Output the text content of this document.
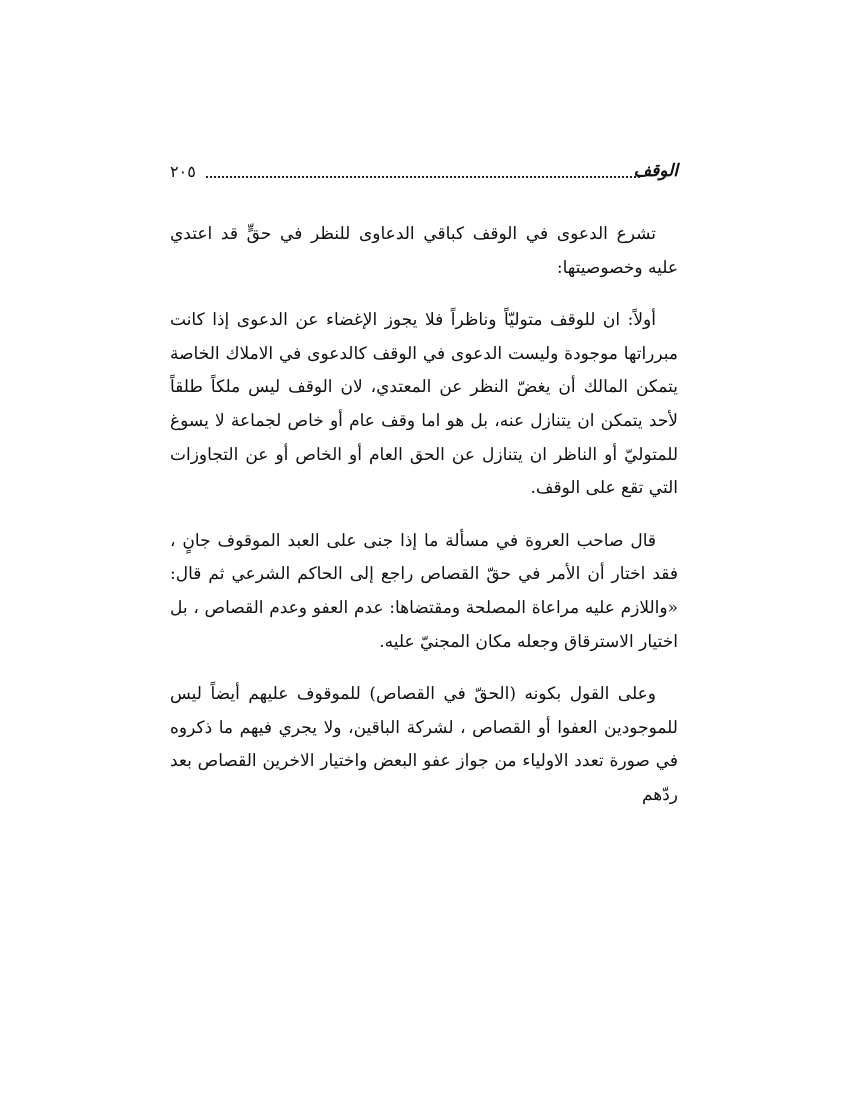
الوقف
٢٠٥

تشرع الدعوى في الوقف كباقي الدعاوى للنظر في حقٍّ قد اعتدي عليه وخصوصيتها:

أولاً: ان للوقف متوليّاً وناظراً فلا يجوز الإغضاء عن الدعوى إذا كانت مبرراتها موجودة وليست الدعوى في الوقف كالدعوى في الاملاك الخاصة يتمكن المالك أن يغضّ النظر عن المعتدي، لان الوقف ليس ملكاً طلقاً لأحد يتمكن ان يتنازل عنه، بل هو اما وقف عام أو خاص لجماعة لا يسوغ للمتوليّ أو الناظر ان يتنازل عن الحق العام أو الخاص أو عن التجاوزات التي تقع على الوقف.

قال صاحب العروة في مسألة ما إذا جنى على العبد الموقوف جانٍ ، فقد اختار أن الأمر في حقّ القصاص راجع إلى الحاكم الشرعي ثم قال: «واللازم عليه مراعاة المصلحة ومقتضاها: عدم العفو وعدم القصاص ، بل اختيار الاسترقاق وجعله مكان المجنيّ عليه.

وعلى القول بكونه (الحقّ في القصاص) للموقوف عليهم أيضاً ليس للموجودين العفوا أو القصاص ، لشركة الباقين، ولا يجري فيهم ما ذكروه في صورة تعدد الاولياء من جواز عفو البعض واختيار الاخرين القصاص بعد ردّهم
